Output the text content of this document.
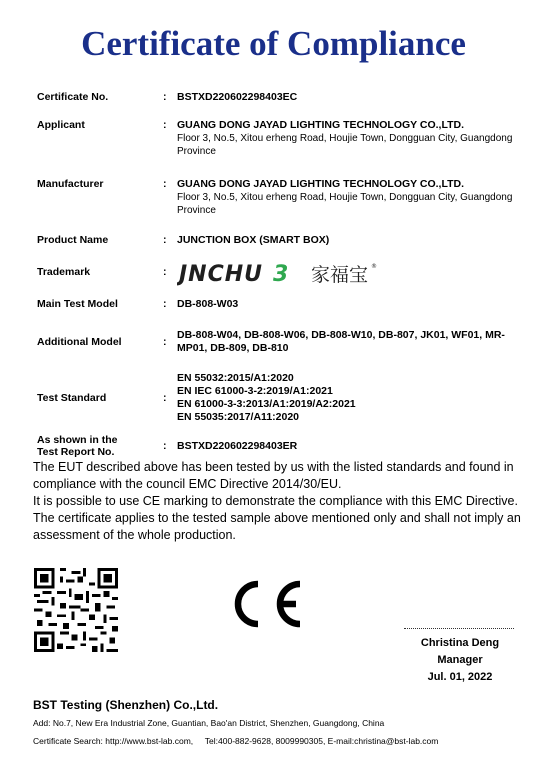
Certificate of Compliance
Certificate No.	: BSTXD220602298403EC
Applicant	: GUANG DONG JAYAD LIGHTING TECHNOLOGY CO.,LTD.
Floor 3, No.5, Xitou erheng Road, Houjie Town, Dongguan City, Guangdong Province
Manufacturer	: GUANG DONG JAYAD LIGHTING TECHNOLOGY CO.,LTD.
Floor 3, No.5, Xitou erheng Road, Houjie Town, Dongguan City, Guangdong Province
Product Name	: JUNCTION BOX (SMART BOX)
Trademark	: JNCHU 3 家福宝 ®
Main Test Model	: DB-808-W03
Additional Model	:
DB-808-W04, DB-808-W06, DB-808-W10, DB-807, JK01, WF01, MR-MP01, DB-809, DB-810
Test Standard	:
EN 55032:2015/A1:2020
EN IEC 61000-3-2:2019/A1:2021
EN 61000-3-3:2013/A1:2019/A2:2021
EN 55035:2017/A11:2020
As shown in the
Test Report No.	: BSTXD220602298403ER

The EUT described above has been tested by us with the listed standards and found in compliance with the council EMC Directive 2014/30/EU.

It is possible to use CE marking to demonstrate the compliance with this EMC Directive. The certificate applies to the tested sample above mentioned only and shall not imply an assessment of the whole production.

Christina Deng
Manager
Jul. 01, 2022
BST Testing (Shenzhen) Co.,Ltd.
Add: No.7, New Era Industrial Zone, Guantian, Bao'an District, Shenzhen, Guangdong, China
Certificate Search: http://www.bst-lab.com,     Tel:400-882-9628, 8009990305, E-mail:christina@bst-lab.com
